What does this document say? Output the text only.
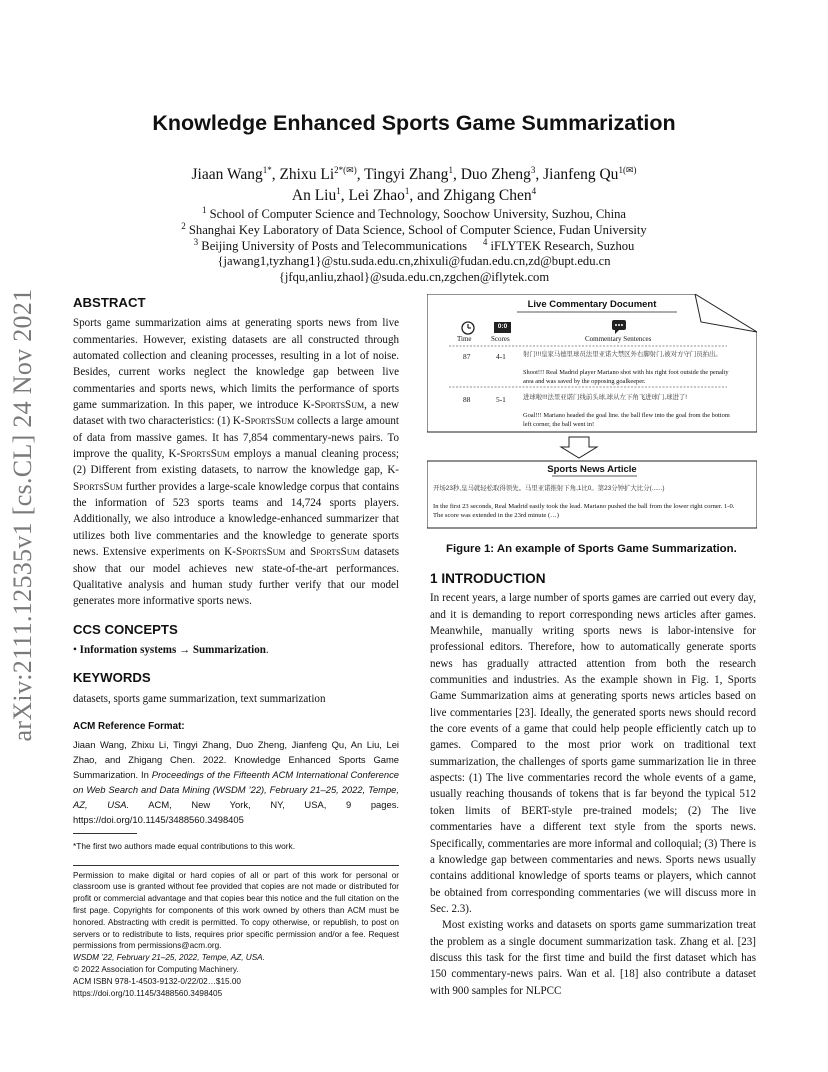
arXiv:2111.12535v1 [cs.CL] 24 Nov 2021
Knowledge Enhanced Sports Game Summarization
Jiaan Wang$^{1*}$, Zhixu $Li^{2*(✉)}$, Tingyi Zhang$^1$, Duo Zheng$^3$, Jianfeng $Qu^{1(✉)}$
An Liu$^1$, Lei Zhao$^1$, and Zhigang Chen$^4$
$^1$ School of Computer Science and Technology, Soochow University, Suzhou, China
$^2$ Shanghai Key Laboratory of Data Science, School of Computer Science, Fudan University
$^3$ Beijing University of Posts and Telecommunications     $^4$ iFLYTEK Research, Suzhou
{jawang1,tyzhang1}@stu.suda.edu.cn,zhixuli@fudan.edu.cn,zd@bupt.edu.cn
{jfqu,anliu,zhaol}@suda.edu.cn,zgchen@iflytek.com

ABSTRACT

Sports game summarization aims at generating sports news from live commentaries. However, existing datasets are all constructed through automated collection and cleaning processes, resulting in a lot of noise. Besides, current works neglect the knowledge gap between live commentaries and sports news, which limits the performance of sports game summarization. In this paper, we introduce K-SportsSum, a new dataset with two characteristics: (1) K-SportsSum collects a large amount of data from massive games. It has 7,854 commentary-news pairs. To improve the quality, K-SportsSum employs a manual cleaning process; (2) Different from existing datasets, to narrow the knowledge gap, K-SportsSum further provides a large-scale knowledge corpus that contains the information of 523 sports teams and 14,724 sports players. Additionally, we also introduce a knowledge-enhanced summarizer that utilizes both live commentaries and the knowledge to generate sports news. Extensive experiments on K-SportsSum and SportsSum datasets show that our model achieves new state-of-the-art performances. Qualitative analysis and human study further verify that our model generates more informative sports news.

CCS CONCEPTS

• Information systems → Summarization.

KEYWORDS

datasets, sports game summarization, text summarization

ACM Reference Format:

Jiaan Wang, Zhixu Li, Tingyi Zhang, Duo Zheng, Jianfeng Qu, An Liu, Lei Zhao, and Zhigang Chen. 2022. Knowledge Enhanced Sports Game Summarization. In Proceedings of the Fifteenth ACM International Conference on Web Search and Data Mining (WSDM ’22), February 21–25, 2022, Tempe, AZ, USA. ACM, New York, NY, USA, 9 pages. https://doi.org/10.1145/3488560.3498405

*The first two authors made equal contributions to this work.

Permission to make digital or hard copies of all or part of this work for personal or classroom use is granted without fee provided that copies are not made or distributed for profit or commercial advantage and that copies bear this notice and the full citation on the first page. Copyrights for components of this work owned by others than ACM must be honored. Abstracting with credit is permitted. To copy otherwise, or republish, to post on servers or to redistribute to lists, requires prior specific permission and/or a fee. Request permissions from permissions@acm.org.

WSDM ’22, February 21–25, 2022, Tempe, AZ, USA.

© 2022 Association for Computing Machinery.

ACM ISBN 978-1-4503-9132-0/22/02…$15.00

https://doi.org/10.1145/3488560.3498405

Live Commentary Document
0:0
Time	Scores	Commentary Sentences
87	4-1	射门!!!皇家马德里球员法里亚诺大禁区外右脚射门,被对方守门员拍出。
Shoot!!! Real Madrid player Mariano shot with his right foot outside the penalty area and was saved by the opposing goalkeeper.
88	5-1	进球啦!!!法里亚诺门线前头球,球从左下角飞进球门,球进了!
Goal!!! Mariano headed the goal line. the ball flew into the goal from the bottom left corner, the ball went in!
Sports News Article
开场23秒,皇马就轻松取得领先。马里亚诺推射下角,1比0。第23分钟扩大比分(......)
In the first 23 seconds, Real Madrid easily took the lead. Mariano pushed the ball from the lower right corner. 1-0. The score was extended in the 23rd minute (…)
Figure 1: An example of Sports Game Summarization.

1 INTRODUCTION

In recent years, a large number of sports games are carried out every day, and it is demanding to report corresponding news articles after games. Meanwhile, manually writing sports news is labor-intensive for professional editors. Therefore, how to automatically generate sports news has gradually attracted attention from both the research communities and industries. As the example shown in Fig. 1, Sports Game Summarization aims at generating sports news articles based on live commentaries [23]. Ideally, the generated sports news should record the core events of a game that could help people efficiently catch up to games. Compared to the most prior work on traditional text summarization, the challenges of sports game summarization lie in three aspects: (1) The live commentaries record the whole events of a game, usually reaching thousands of tokens that is far beyond the typical 512 token limits of BERT-style pre-trained models; (2) The live commentaries have a different text style from the sports news. Specifically, commentaries are more informal and colloquial; (3) There is a knowledge gap between commentaries and news. Sports news usually contains additional knowledge of sports teams or players, which cannot be obtained from corresponding commentaries (we will discuss more in Sec. 2.3).

Most existing works and datasets on sports game summarization treat the problem as a single document summarization task. Zhang et al. [23] discuss this task for the first time and build the first dataset which has 150 commentary-news pairs. Wan et al. [18] also contribute a dataset with 900 samples for NLPCC
